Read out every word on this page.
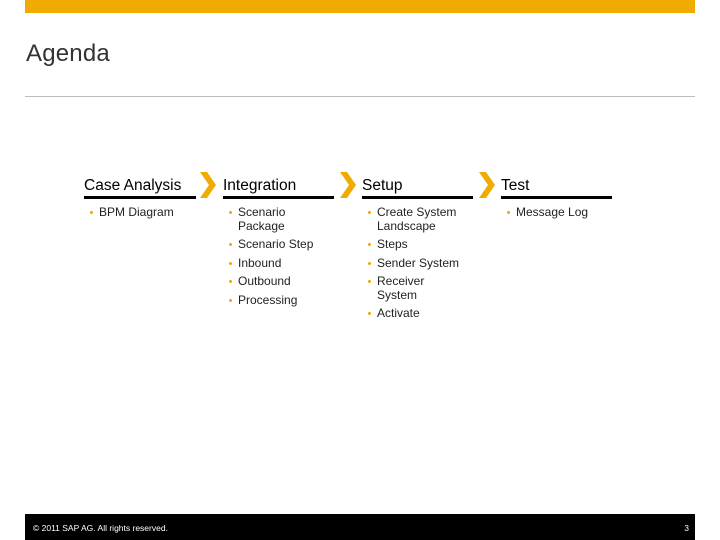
Agenda
Case Analysis
BPM Diagram
Integration
Scenario Package
Scenario Step
Inbound
Outbound
Processing
Setup
Create System Landscape
Steps
Sender System
Receiver System
Activate
Test
Message Log
© 2011 SAP AG. All rights reserved.	3
